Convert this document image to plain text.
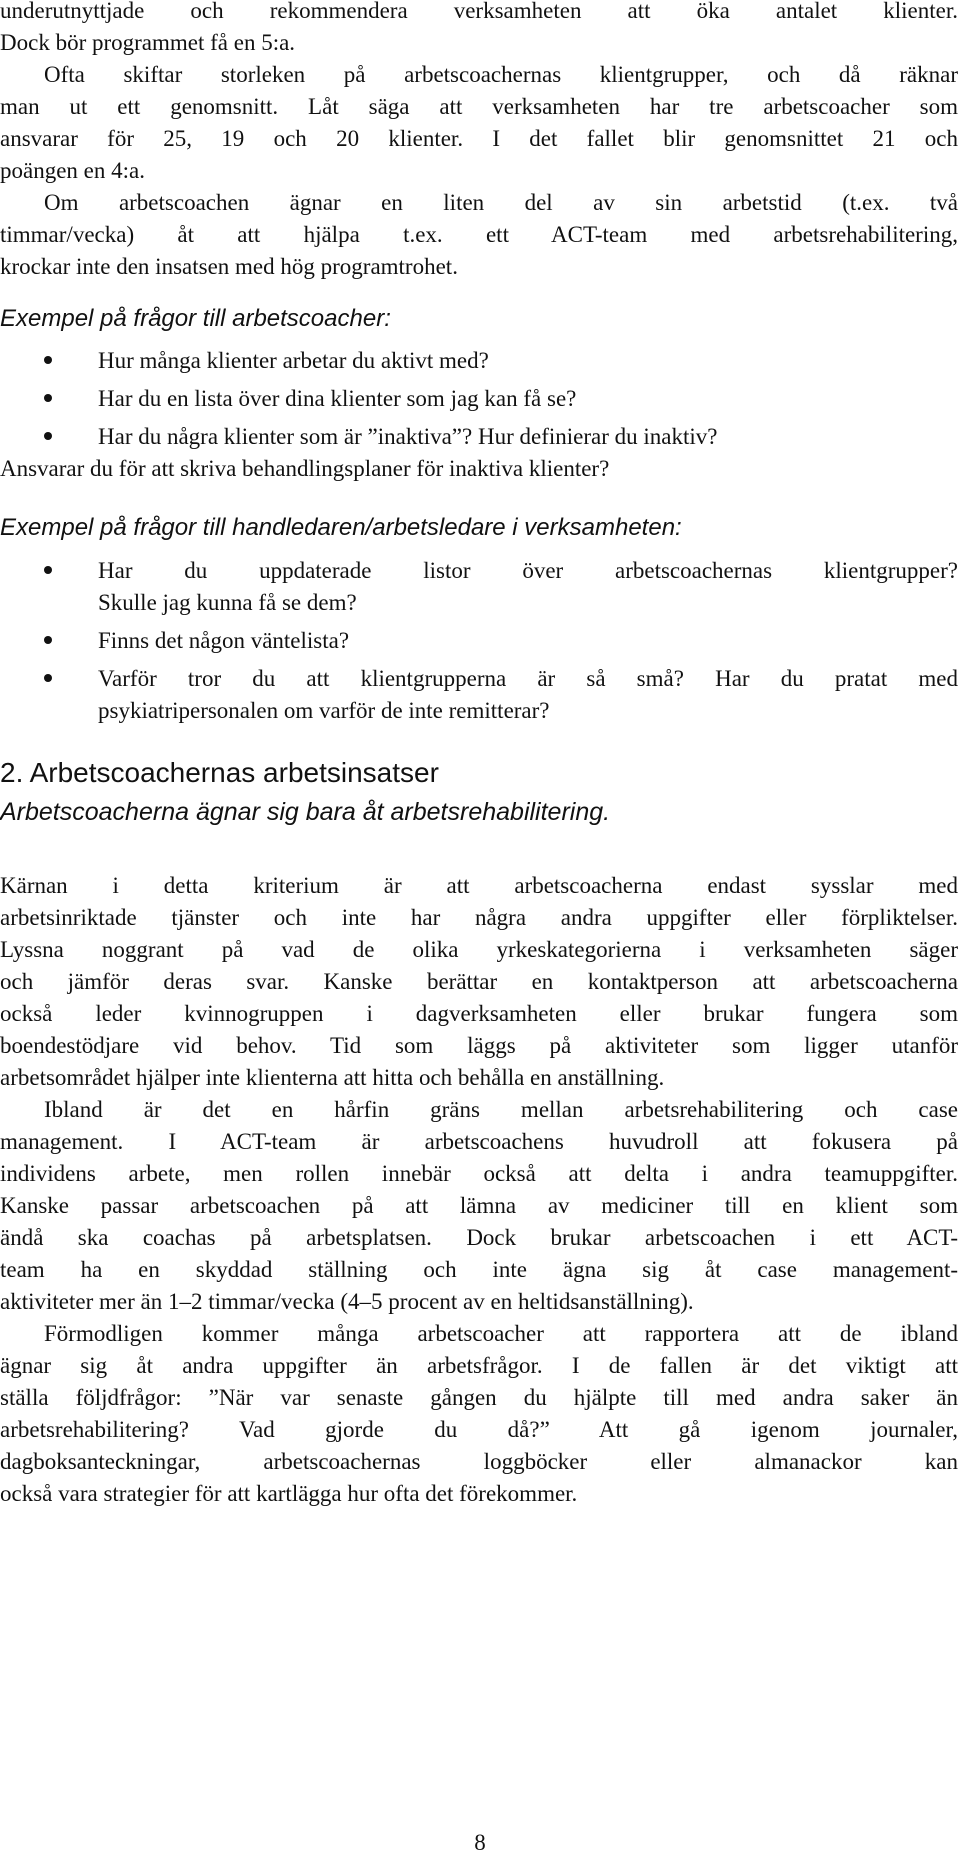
underutnyttjade och rekommendera verksamheten att öka antalet klienter.
Dock bör programmet få en 5:a.
Ofta skiftar storleken på arbetscoachernas klientgrupper, och då räknar
man ut ett genomsnitt. Låt säga att verksamheten har tre arbetscoacher som
ansvarar för 25, 19 och 20 klienter. I det fallet blir genomsnittet 21 och
poängen en 4:a.
Om arbetscoachen ägnar en liten del av sin arbetstid (t.ex. två
timmar/vecka) åt att hjälpa t.ex. ett ACT-team med arbetsrehabilitering,
krockar inte den insatsen med hög programtrohet.
Exempel på frågor till arbetscoacher:
Hur många klienter arbetar du aktivt med?
Har du en lista över dina klienter som jag kan få se?
Har du några klienter som är ”inaktiva”? Hur definierar du inaktiv?
Ansvarar du för att skriva behandlingsplaner för inaktiva klienter?
Exempel på frågor till handledaren/arbetsledare i verksamheten:
Har du uppdaterade listor över arbetscoachernas klientgrupper?
Skulle jag kunna få se dem?
Finns det någon väntelista?
Varför tror du att klientgrupperna är så små? Har du pratat med
psykiatripersonalen om varför de inte remitterar?
2. Arbetscoachernas arbetsinsatser
Arbetscoacherna ägnar sig bara åt arbetsrehabilitering.
Kärnan i detta kriterium är att arbetscoacherna endast sysslar med
arbetsinriktade tjänster och inte har några andra uppgifter eller förpliktelser.
Lyssna noggrant på vad de olika yrkeskategorierna i verksamheten säger
och jämför deras svar. Kanske berättar en kontaktperson att arbetscoacherna
också leder kvinnogruppen i dagverksamheten eller brukar fungera som
boendestödjare vid behov. Tid som läggs på aktiviteter som ligger utanför
arbetsområdet hjälper inte klienterna att hitta och behålla en anställning.
Ibland är det en hårfin gräns mellan arbetsrehabilitering och case
management. I ACT-team är arbetscoachens huvudroll att fokusera på
individens arbete, men rollen innebär också att delta i andra teamuppgifter.
Kanske passar arbetscoachen på att lämna av mediciner till en klient som
ändå ska coachas på arbetsplatsen. Dock brukar arbetscoachen i ett ACT-
team ha en skyddad ställning och inte ägna sig åt case management-
aktiviteter mer än 1–2 timmar/vecka (4–5 procent av en heltidsanställning).
Förmodligen kommer många arbetscoacher att rapportera att de ibland
ägnar sig åt andra uppgifter än arbetsfrågor. I de fallen är det viktigt att
ställa följdfrågor: ”När var senaste gången du hjälpte till med andra saker än
arbetsrehabilitering? Vad gjorde du då?” Att gå igenom journaler,
dagboksanteckningar, arbetscoachernas loggböcker eller almanackor kan
också vara strategier för att kartlägga hur ofta det förekommer.
8
